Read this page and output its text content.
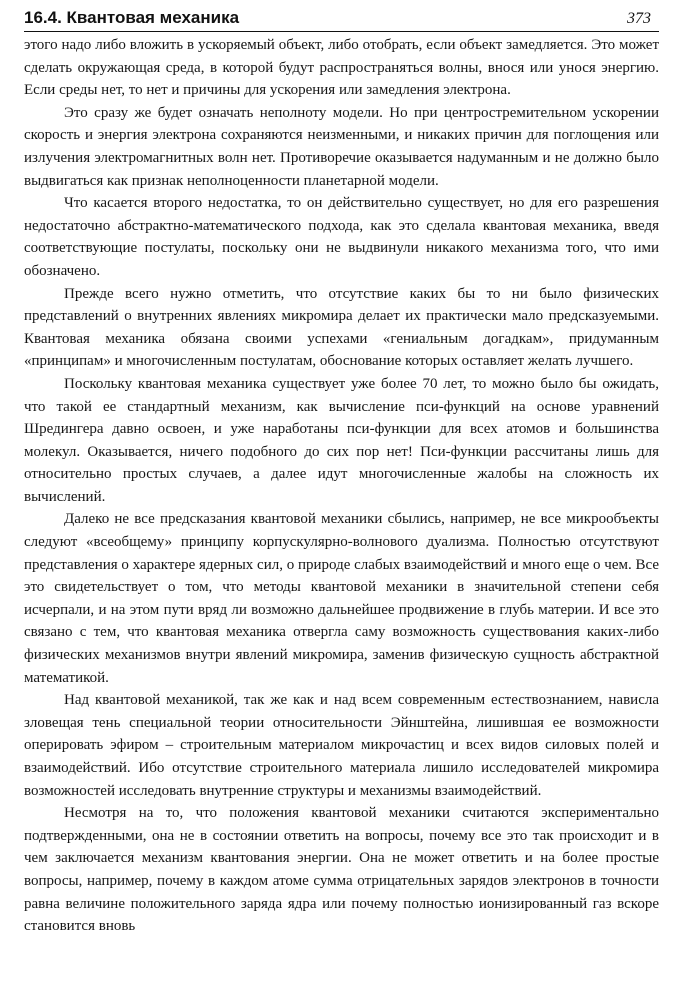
16.4. Квантовая механика	373

этого надо либо вложить в ускоряемый объект, либо отобрать, если объект замедляется. Это может сделать окружающая среда, в которой будут распространяться волны, внося или унося энергию. Если среды нет, то нет и причины для ускорения или замедления электрона.

Это сразу же будет означать неполноту модели. Но при центростремительном ускорении скорость и энергия электрона сохраняются неизменными, и никаких причин для поглощения или излучения электромагнитных волн нет. Противоречие оказывается надуманным и не должно было выдвигаться как признак неполноценности планетарной модели.

Что касается второго недостатка, то он действительно существует, но для его разрешения недостаточно абстрактно-математического подхода, как это сделала квантовая механика, введя соответствующие постулаты, поскольку они не выдвинули никакого механизма того, что ими обозначено.

Прежде всего нужно отметить, что отсутствие каких бы то ни было физических представлений о внутренних явлениях микромира делает их практически мало предсказуемыми. Квантовая механика обязана своими успехами «гениальным догадкам», придуманным «принципам» и многочисленным постулатам, обоснование которых оставляет желать лучшего.

Поскольку квантовая механика существует уже более 70 лет, то можно было бы ожидать, что такой ее стандартный механизм, как вычисление пси-функций на основе уравнений Шредингера давно освоен, и уже наработаны пси-функции для всех атомов и большинства молекул. Оказывается, ничего подобного до сих пор нет! Пси-функции рассчитаны лишь для относительно простых случаев, а далее идут многочисленные жалобы на сложность их вычислений.

Далеко не все предсказания квантовой механики сбылись, например, не все микрообъекты следуют «всеобщему» принципу корпускулярно-волнового дуализма. Полностью отсутствуют представления о характере ядерных сил, о природе слабых взаимодействий и много еще о чем. Все это свидетельствует о том, что методы квантовой механики в значительной степени себя исчерпали, и на этом пути вряд ли возможно дальнейшее продвижение в глубь материи. И все это связано с тем, что квантовая механика отвергла саму возможность существования каких-либо физических механизмов внутри явлений микромира, заменив физическую сущность абстрактной математикой.

Над квантовой механикой, так же как и над всем современным естествознанием, нависла зловещая тень специальной теории относительности Эйнштейна, лишившая ее возможности оперировать эфиром – строительным материалом микрочастиц и всех видов силовых полей и взаимодействий. Ибо отсутствие строительного материала лишило исследователей микромира возможностей исследовать внутренние структуры и механизмы взаимодействий.

Несмотря на то, что положения квантовой механики считаются экспериментально подтвержденными, она не в состоянии ответить на вопросы, почему все это так происходит и в чем заключается механизм квантования энергии. Она не может ответить и на более простые вопросы, например, почему в каждом атоме сумма отрицательных зарядов электронов в точности равна величине положительного заряда ядра или почему полностью ионизированный газ вскоре становится вновь
